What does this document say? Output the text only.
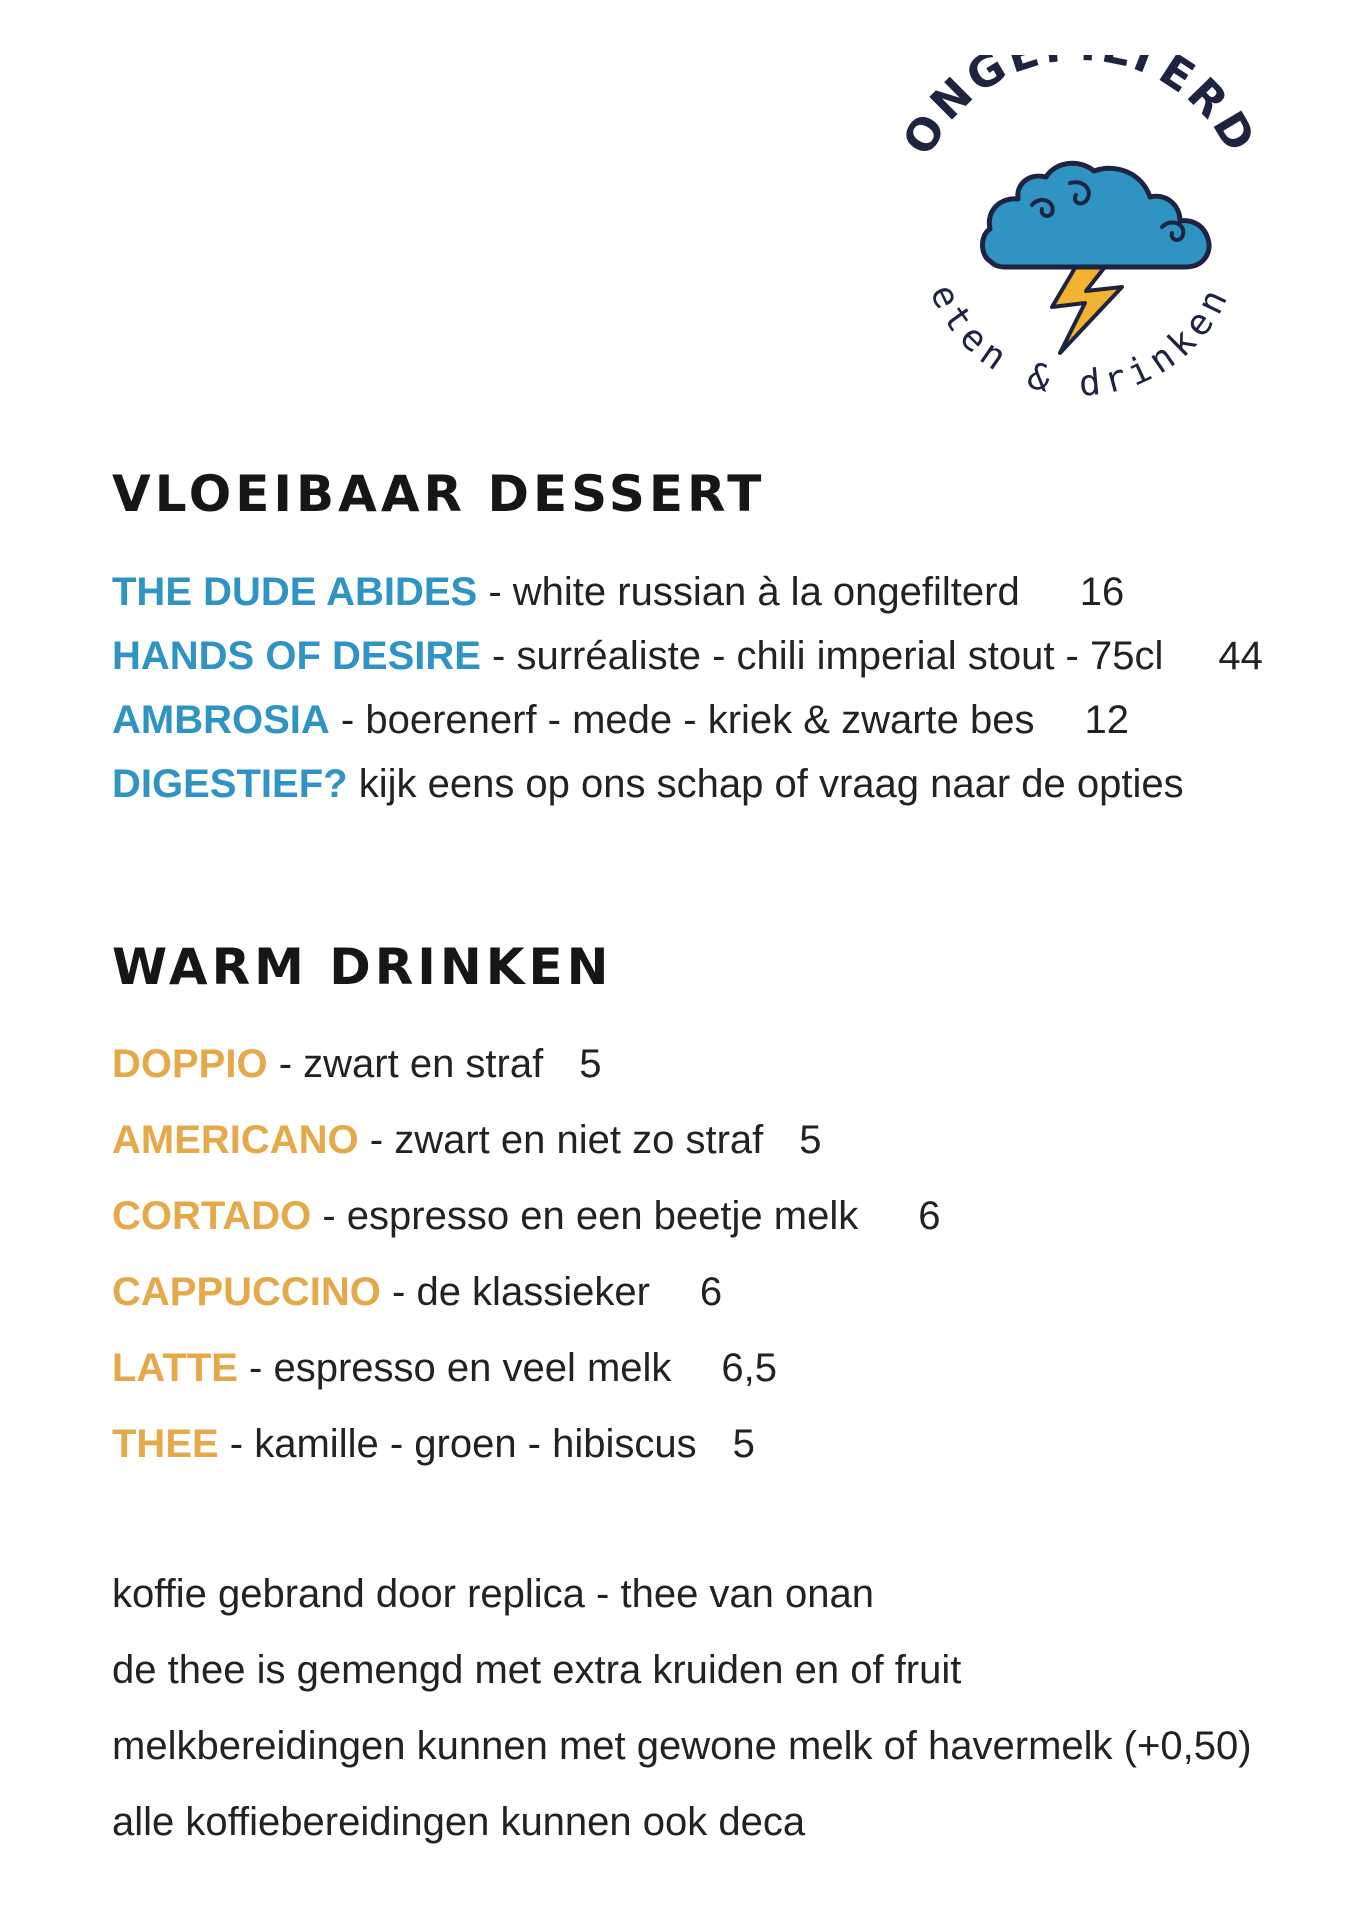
ONG TERD
eten & drinken
VLOEIBAAR DESSERT

THE DUDE ABIDES - white russian à la ongefilterd 16

HANDS OF DESIRE - surréaliste - chili imperial stout - 75cl 44

AMBROSIA - boerenerf - mede - kriek & zwarte bes 12

DIGESTIEF? kijk eens op ons schap of vraag naar de opties

WARM DRINKEN

DOPPIO - zwart en straf 5

AMERICANO - zwart en niet zo straf 5

CORTADO - espresso en een beetje melk 6

CAPPUCCINO - de klassieker 6

LATTE - espresso en veel melk 6,5

THEE - kamille - groen - hibiscus 5

koffie gebrand door replica - thee van onan

de thee is gemengd met extra kruiden en of fruit

melkbereidingen kunnen met gewone melk of havermelk (+0,50)

alle koffiebereidingen kunnen ook deca
